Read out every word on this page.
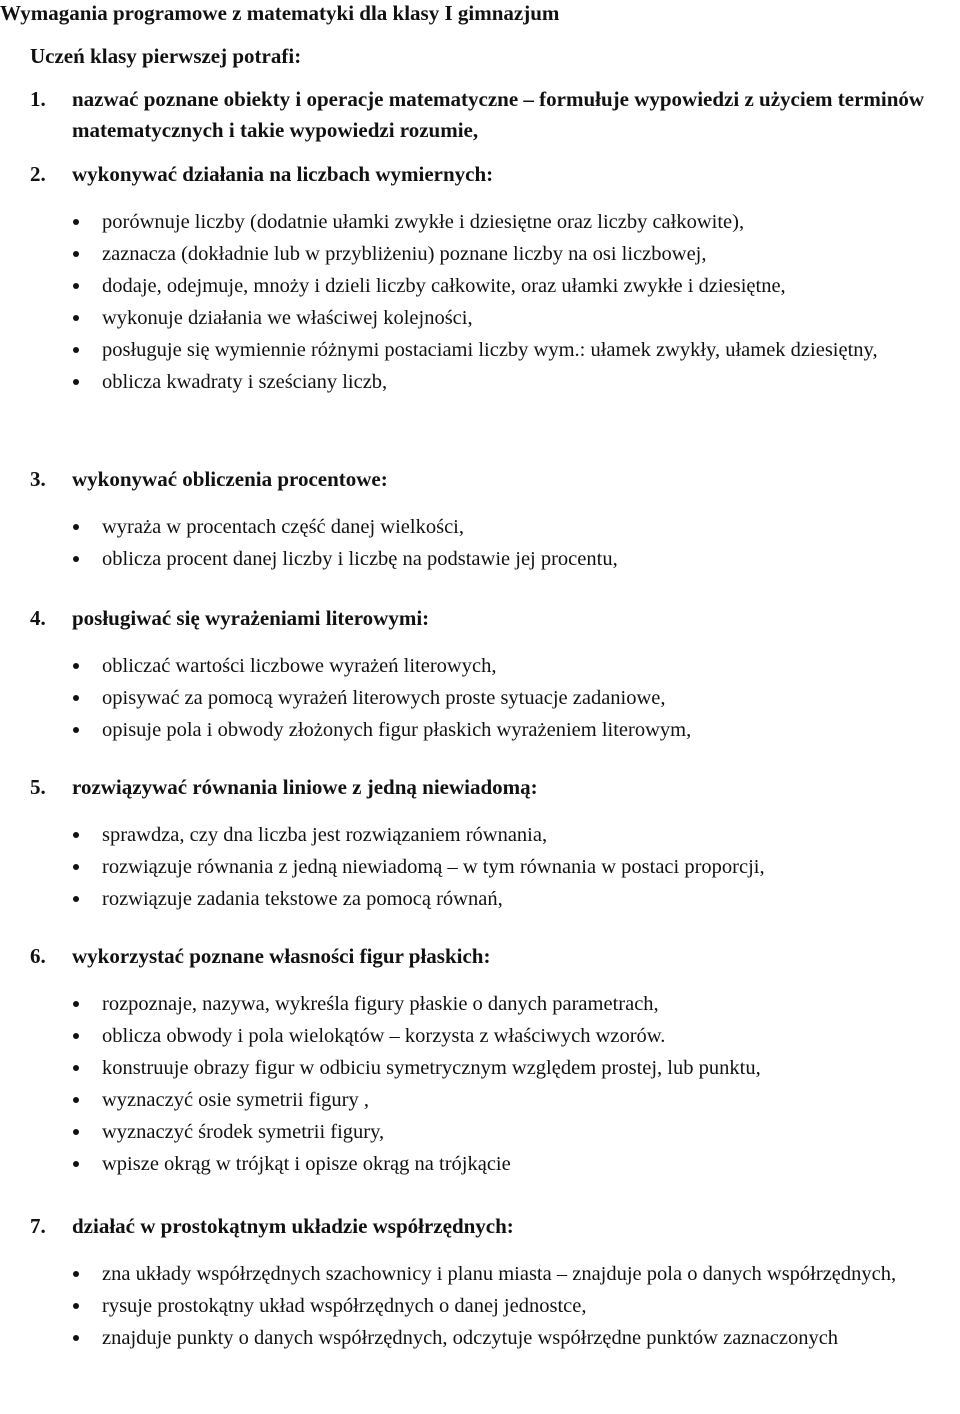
Wymagania programowe z matematyki dla klasy I gimnazjum
Uczeń klasy pierwszej potrafi:
1. nazwać poznane obiekty i operacje matematyczne – formułuje wypowiedzi z użyciem terminów matematycznych i takie wypowiedzi rozumie,
2. wykonywać działania na liczbach wymiernych:
porównuje liczby (dodatnie ułamki zwykłe i dziesiętne oraz liczby całkowite),
zaznacza (dokładnie lub w przybliżeniu) poznane liczby na osi liczbowej,
dodaje, odejmuje, mnoży i dzieli liczby całkowite, oraz ułamki zwykłe i dziesiętne,
wykonuje działania we właściwej kolejności,
posługuje się wymiennie różnymi postaciami liczby wym.: ułamek zwykły, ułamek dziesiętny,
oblicza kwadraty i sześciany liczb,
3. wykonywać obliczenia procentowe:
wyraża w procentach część danej wielkości,
oblicza procent danej liczby i liczbę na podstawie jej procentu,
4. posługiwać się wyrażeniami literowymi:
obliczać wartości liczbowe wyrażeń literowych,
opisywać za pomocą wyrażeń literowych proste sytuacje zadaniowe,
opisuje pola i obwody złożonych figur płaskich wyrażeniem literowym,
5. rozwiązywać równania liniowe z jedną niewiadomą:
sprawdza, czy dna liczba jest rozwiązaniem równania,
rozwiązuje równania z jedną niewiadomą – w tym równania w postaci proporcji,
rozwiązuje zadania tekstowe za pomocą równań,
6. wykorzystać poznane własności figur płaskich:
rozpoznaje, nazywa, wykreśla figury płaskie o danych parametrach,
oblicza obwody i pola wielokątów – korzysta z właściwych wzorów.
konstruuje obrazy figur w odbiciu symetrycznym względem prostej, lub punktu,
wyznaczyć osie symetrii figury ,
wyznaczyć środek symetrii figury,
wpisze okrąg w trójkąt i opisze okrąg na trójkącie
7. działać w prostokątnym układzie współrzędnych:
zna układy współrzędnych szachownicy i planu miasta – znajduje pola o danych współrzędnych,
rysuje prostokątny układ współrzędnych o danej jednostce,
znajduje punkty o danych współrzędnych, odczytuje współrzędne punktów zaznaczonych
